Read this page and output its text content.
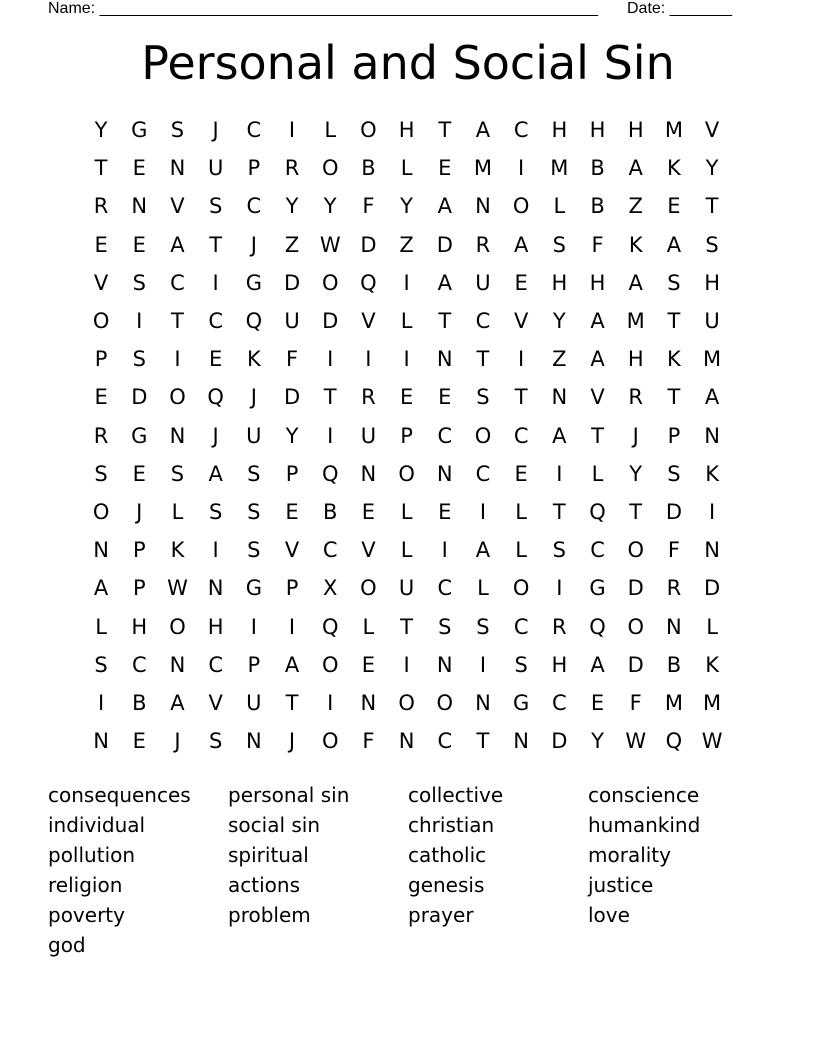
Name: ________________________________________________________ Date: _______
Personal and Social Sin
Y	G	S	J	C	I	L	O	H	T	A	C	H	H	H	M	V
T	E	N	U	P	R	O	B	L	E	M	I	M	B	A	K	Y
R	N	V	S	C	Y	Y	F	Y	A	N	O	L	B	Z	E	T
E	E	A	T	J	Z W D	Z	D	R	A	S	F	K	A	S
V	S	C	I	G	D	O	Q	I	A	U	E	H	H	A	S	H
O	I	T	C	Q	U	D	V	L	T	C	V	Y	A	M	T	U
P	S	I	E	K	F	I	I	I	N	T	I	Z	A	H	K	M
E	D	O	Q	J	D	T	R	E	E	S	T	N	V	R	T	A
R	G	N	J	U	Y	I	U	P	C	O	C	A	T	J	P	N
S	E	S	A	S	P	Q	N	O	N	C	E	I	L	Y	S	K
O	J	L	S	S	E	B	E	L	E	I	L	T	Q	T	D	I
N	P	K	I	S	V	C	V	L	I	A	L	S	C	O	F	N
A	P	W N	G	P	X	O	U	C	L	O	I	G	D	R	D
L	H	O	H	I	I	Q	L	T	S	S	C	R	Q	O	N	L
S	C	N	C	P	A	O	E	I	N	I	S	H	A	D	B	K
I	B	A	V	U	T	I	N	O	O	N	G	C	E	F	M M
N	E	J	S	N	J	O	F	N	C	T	N	D	Y	W Q W
consequences	personal sin	collective	conscience
individual	social sin	christian	humankind
pollution	spiritual	catholic	morality
religion	actions	genesis	justice
poverty	problem	prayer	love
god
